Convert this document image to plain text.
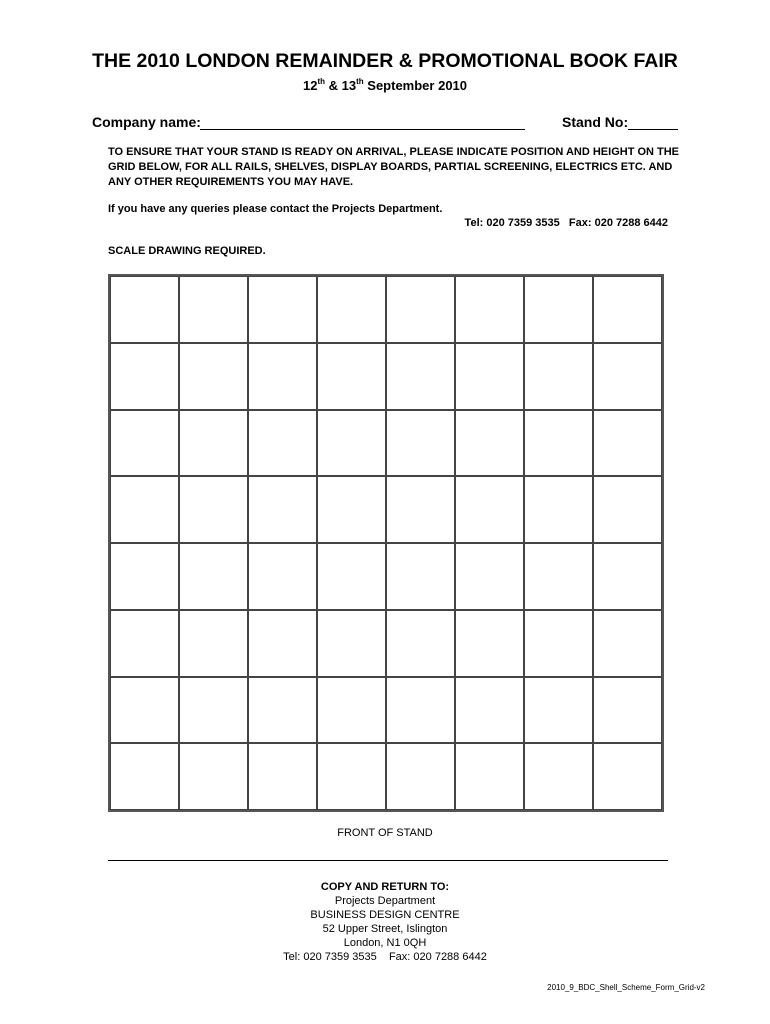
THE 2010 LONDON REMAINDER & PROMOTIONAL BOOK FAIR
12th & 13th September 2010
Company name:	Stand No:
TO ENSURE THAT YOUR STAND IS READY ON ARRIVAL, PLEASE INDICATE POSITION AND HEIGHT ON THE GRID BELOW, FOR ALL RAILS, SHELVES, DISPLAY BOARDS, PARTIAL SCREENING, ELECTRICS ETC. AND ANY OTHER REQUIREMENTS YOU MAY HAVE.
If you have any queries please contact the Projects Department.
Tel: 020 7359 3535   Fax: 020 7288 6442
SCALE DRAWING REQUIRED.
FRONT OF STAND
COPY AND RETURN TO:
Projects Department
BUSINESS DESIGN CENTRE
52 Upper Street, Islington
London, N1 0QH
Tel: 020 7359 3535    Fax: 020 7288 6442
2010_9_BDC_Shell_Scheme_Form_Grid-v2
